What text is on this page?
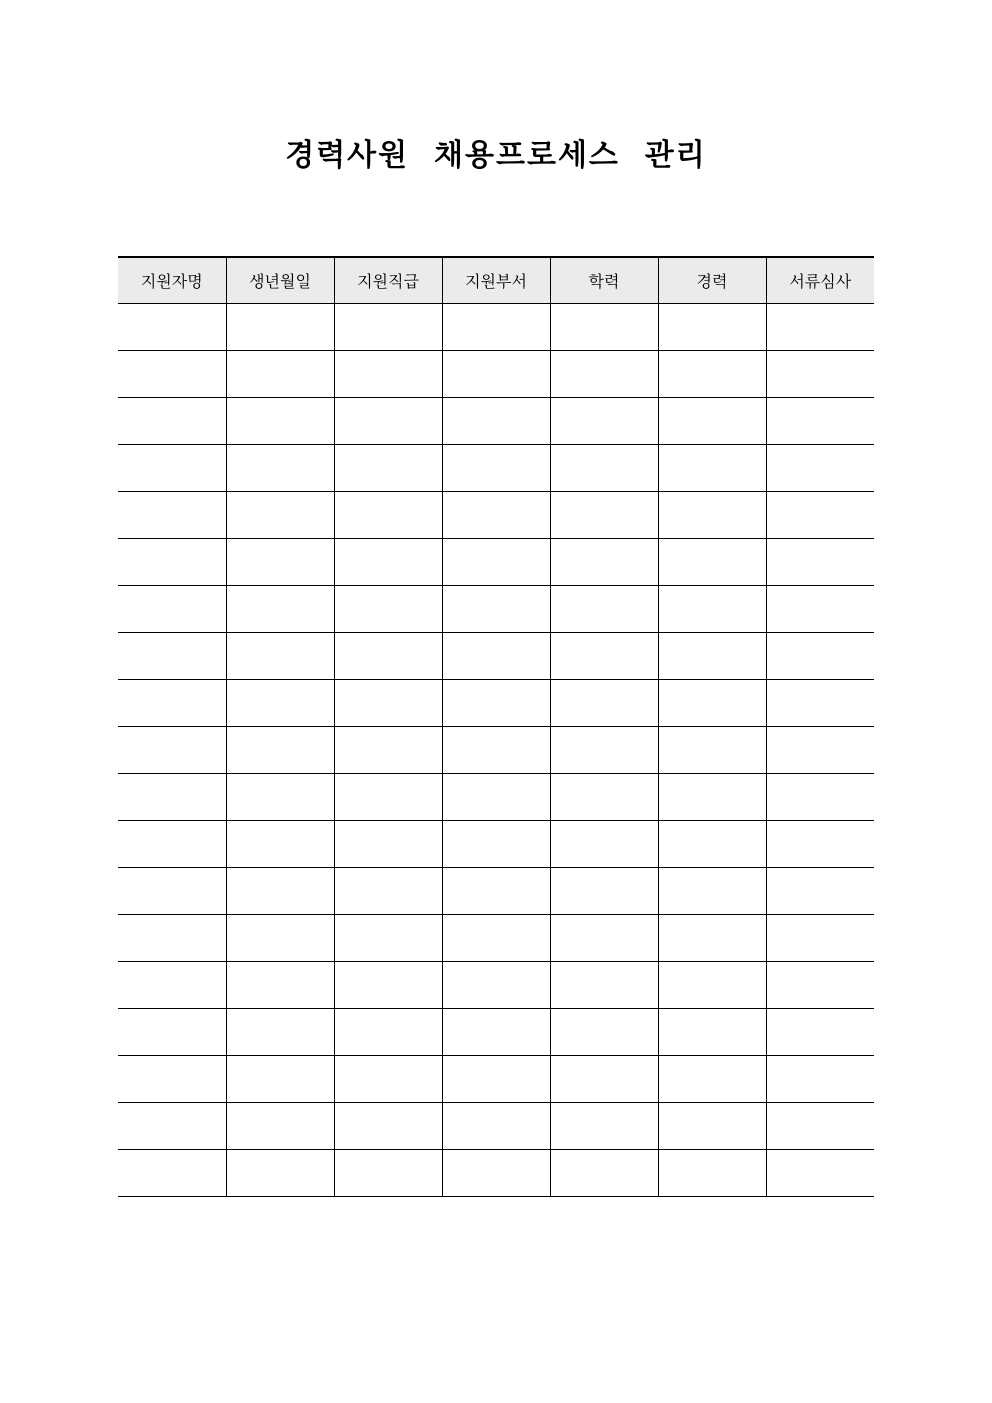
경력사원  채용프로세스  관리
지원자명	생년월일	지원직급	지원부서	학력	경력	서류심사
